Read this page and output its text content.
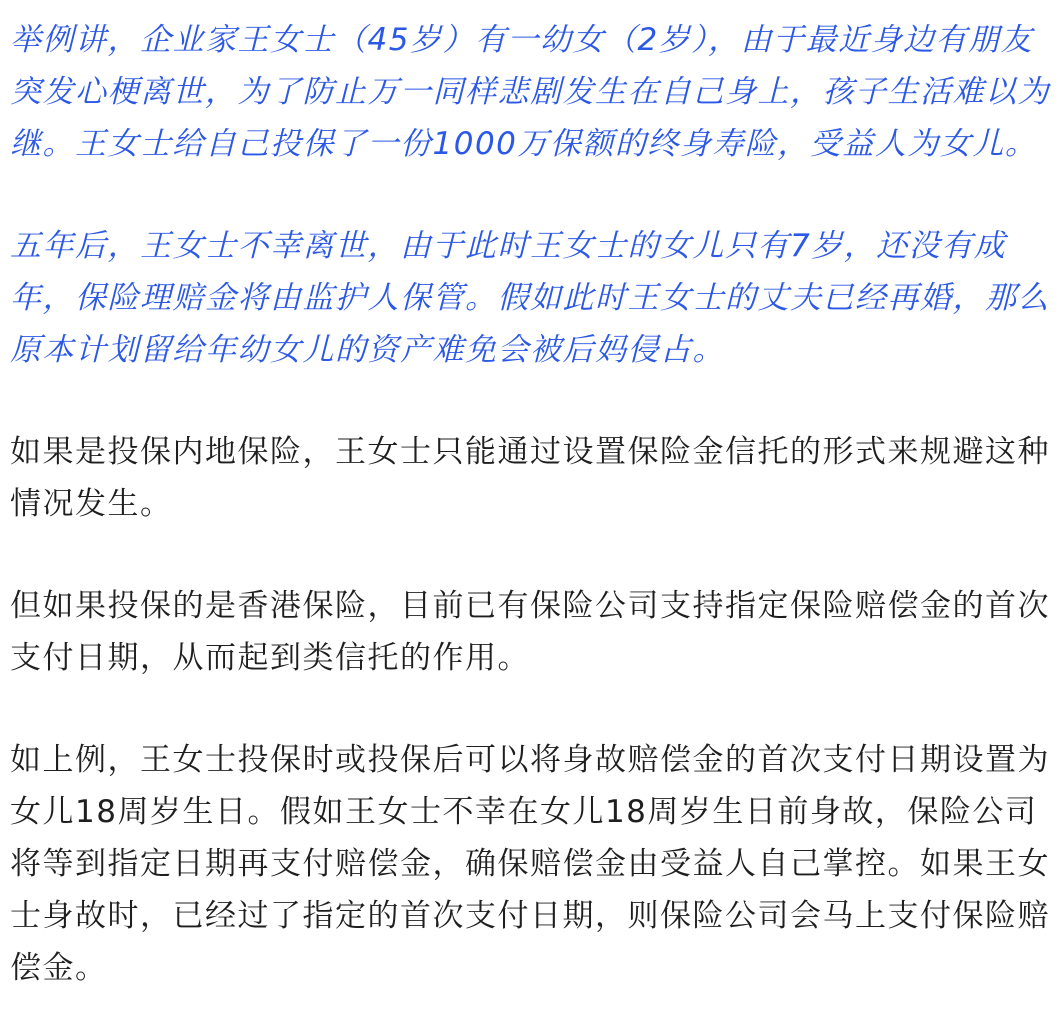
举例讲，企业家王女士（45岁）有一幼女（2岁），由于最近身边有朋友突发心梗离世，为了防止万一同样悲剧发生在自己身上，孩子生活难以为继。王女士给自己投保了一份1000万保额的终身寿险，受益人为女儿。

五年后，王女士不幸离世，由于此时王女士的女儿只有7岁，还没有成年，保险理赔金将由监护人保管。假如此时王女士的丈夫已经再婚，那么原本计划留给年幼女儿的资产难免会被后妈侵占。

如果是投保内地保险，王女士只能通过设置保险金信托的形式来规避这种情况发生。

但如果投保的是香港保险，目前已有保险公司支持指定保险赔偿金的首次支付日期，从而起到类信托的作用。

如上例，王女士投保时或投保后可以将身故赔偿金的首次支付日期设置为女儿18周岁生日。假如王女士不幸在女儿18周岁生日前身故，保险公司将等到指定日期再支付赔偿金，确保赔偿金由受益人自己掌控。如果王女士身故时，已经过了指定的首次支付日期，则保险公司会马上支付保险赔偿金。
